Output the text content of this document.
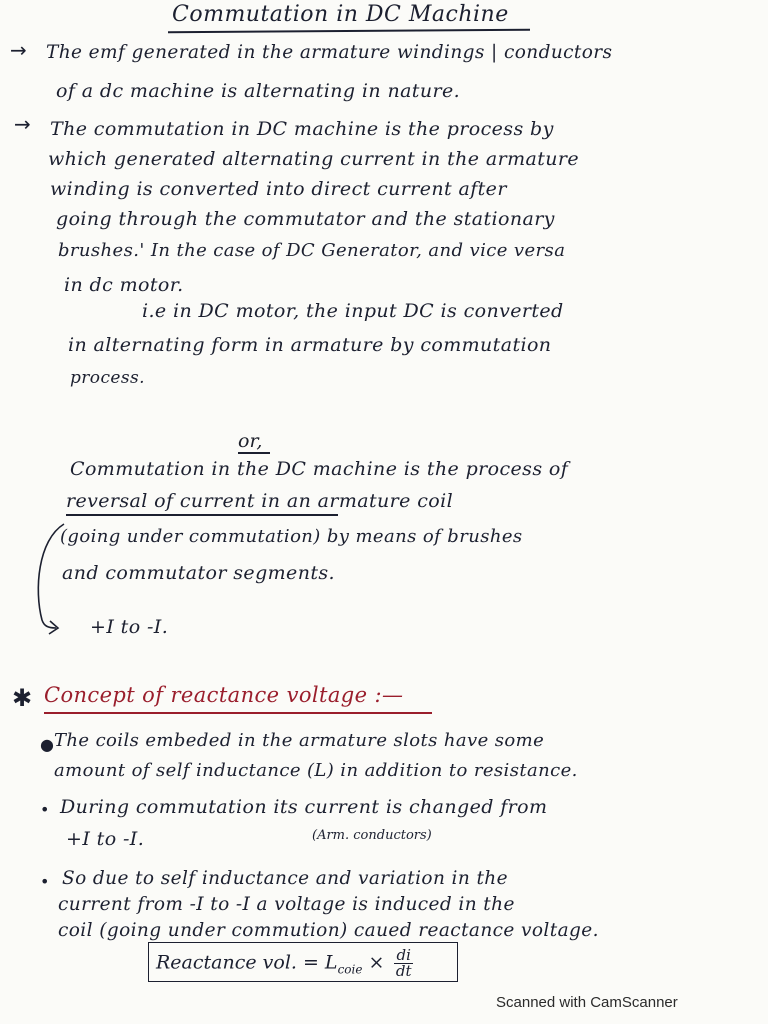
Commutation in DC Machine
→ The emf generated in the armature windings | conductors
of a dc machine is alternating in nature.
→ The commutation in DC machine is the process by
which generated alternating current in the armature
winding is converted into direct current after
going through the commutator and the stationary
brushes.' In the case of DC Generator, and vice versa
in dc motor.
i.e in DC motor, the input DC is converted
in alternating form in armature by commutation
process.
or,
Commutation in the DC machine is the process of
reversal of current in an armature coil
(going under commutation) by means of brushes
and commutator segments.
+I to -I.
✱ Concept of reactance voltage :—
● The coils embeded in the armature slots have some
amount of self inductance (L) in addition to resistance.
• During commutation its current is changed from
+I to -I.	(Arm. conductors)
• So due to self inductance and variation in the
current from -I to -I a voltage is induced in the
coil (going under commution) caued reactance voltage.
Reactance vol. = $L_{coie} \times \frac{di}{dt}$
Scanned with CamScanner
